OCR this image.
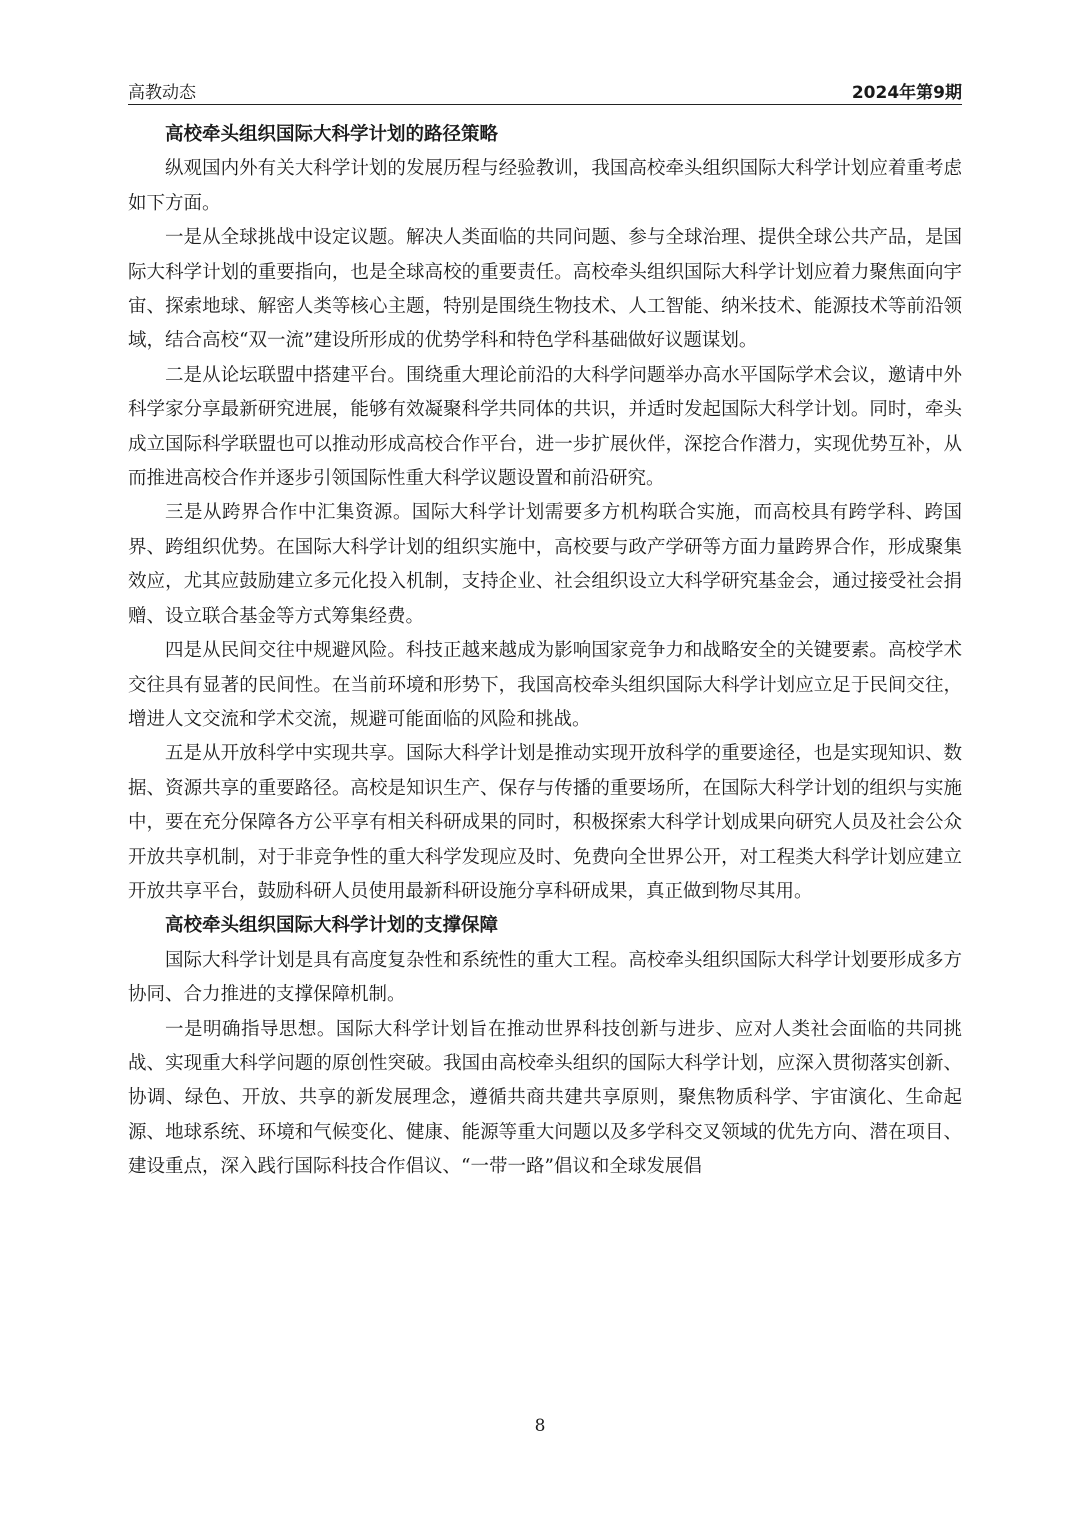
高教动态	2024年第9期
高校牵头组织国际大科学计划的路径策略

纵观国内外有关大科学计划的发展历程与经验教训，我国高校牵头组织国际大科学计划应着重考虑如下方面。

一是从全球挑战中设定议题。解决人类面临的共同问题、参与全球治理、提供全球公共产品，是国际大科学计划的重要指向，也是全球高校的重要责任。高校牵头组织国际大科学计划应着力聚焦面向宇宙、探索地球、解密人类等核心主题，特别是围绕生物技术、人工智能、纳米技术、能源技术等前沿领域，结合高校“双一流”建设所形成的优势学科和特色学科基础做好议题谋划。

二是从论坛联盟中搭建平台。围绕重大理论前沿的大科学问题举办高水平国际学术会议，邀请中外科学家分享最新研究进展，能够有效凝聚科学共同体的共识，并适时发起国际大科学计划。同时，牵头成立国际科学联盟也可以推动形成高校合作平台，进一步扩展伙伴，深挖合作潜力，实现优势互补，从而推进高校合作并逐步引领国际性重大科学议题设置和前沿研究。

三是从跨界合作中汇集资源。国际大科学计划需要多方机构联合实施，而高校具有跨学科、跨国界、跨组织优势。在国际大科学计划的组织实施中，高校要与政产学研等方面力量跨界合作，形成聚集效应，尤其应鼓励建立多元化投入机制，支持企业、社会组织设立大科学研究基金会，通过接受社会捐赠、设立联合基金等方式筹集经费。

四是从民间交往中规避风险。科技正越来越成为影响国家竞争力和战略安全的关键要素。高校学术交往具有显著的民间性。在当前环境和形势下，我国高校牵头组织国际大科学计划应立足于民间交往，增进人文交流和学术交流，规避可能面临的风险和挑战。

五是从开放科学中实现共享。国际大科学计划是推动实现开放科学的重要途径，也是实现知识、数据、资源共享的重要路径。高校是知识生产、保存与传播的重要场所，在国际大科学计划的组织与实施中，要在充分保障各方公平享有相关科研成果的同时，积极探索大科学计划成果向研究人员及社会公众开放共享机制，对于非竞争性的重大科学发现应及时、免费向全世界公开，对工程类大科学计划应建立开放共享平台，鼓励科研人员使用最新科研设施分享科研成果，真正做到物尽其用。

高校牵头组织国际大科学计划的支撑保障

国际大科学计划是具有高度复杂性和系统性的重大工程。高校牵头组织国际大科学计划要形成多方协同、合力推进的支撑保障机制。

一是明确指导思想。国际大科学计划旨在推动世界科技创新与进步、应对人类社会面临的共同挑战、实现重大科学问题的原创性突破。我国由高校牵头组织的国际大科学计划，应深入贯彻落实创新、协调、绿色、开放、共享的新发展理念，遵循共商共建共享原则，聚焦物质科学、宇宙演化、生命起源、地球系统、环境和气候变化、健康、能源等重大问题以及多学科交叉领域的优先方向、潜在项目、建设重点，深入践行国际科技合作倡议、“一带一路”倡议和全球发展倡

8
